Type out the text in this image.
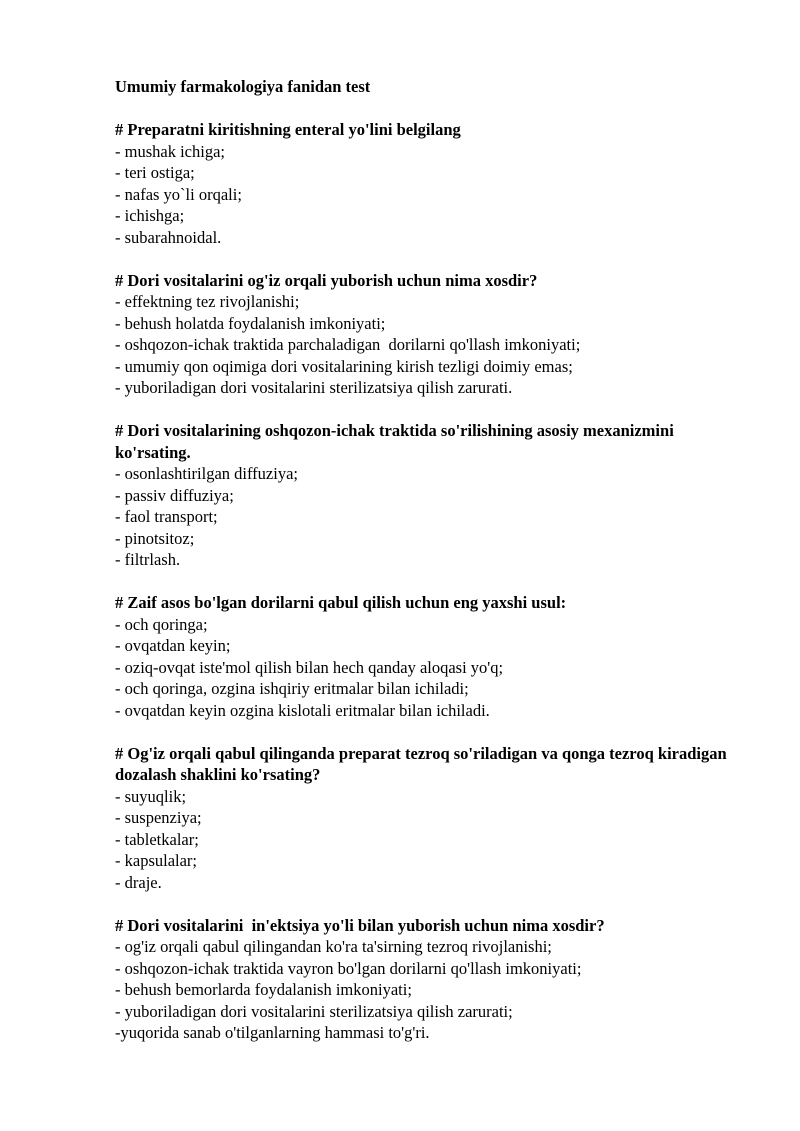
Umumiy farmakologiya fanidan test

# Preparatni kiritishning enteral yo'lini belgilang

- mushak ichiga;

- teri ostiga;

- nafas yo`li orqali;

- ichishga;

- subarahnoidal.

# Dori vositalarini og'iz orqali yuborish uchun nima xosdir?

- effektning tez rivojlanishi;

- behush holatda foydalanish imkoniyati;

- oshqozon-ichak traktida parchaladigan  dorilarni qo'llash imkoniyati;

- umumiy qon oqimiga dori vositalarining kirish tezligi doimiy emas;

- yuboriladigan dori vositalarini sterilizatsiya qilish zarurati.

# Dori vositalarining oshqozon-ichak traktida so'rilishining asosiy mexanizmini ko'rsating.

- osonlashtirilgan diffuziya;

- passiv diffuziya;

- faol transport;

- pinotsitoz;

- filtrlash.

# Zaif asos bo'lgan dorilarni qabul qilish uchun eng yaxshi usul:

- och qoringa;

- ovqatdan keyin;

- oziq-ovqat iste'mol qilish bilan hech qanday aloqasi yo'q;

- och qoringa, ozgina ishqiriy eritmalar bilan ichiladi;

- ovqatdan keyin ozgina kislotali eritmalar bilan ichiladi.

# Og'iz orqali qabul qilinganda preparat tezroq so'riladigan va qonga tezroq kiradigan dozalash shaklini ko'rsating?

- suyuqlik;

- suspenziya;

- tabletkalar;

- kapsulalar;

- draje.

# Dori vositalarini  in'ektsiya yo'li bilan yuborish uchun nima xosdir?

- og'iz orqali qabul qilingandan ko'ra ta'sirning tezroq rivojlanishi;

- oshqozon-ichak traktida vayron bo'lgan dorilarni qo'llash imkoniyati;

- behush bemorlarda foydalanish imkoniyati;

- yuboriladigan dori vositalarini sterilizatsiya qilish zarurati;

-yuqorida sanab o'tilganlarning hammasi to'g'ri.
